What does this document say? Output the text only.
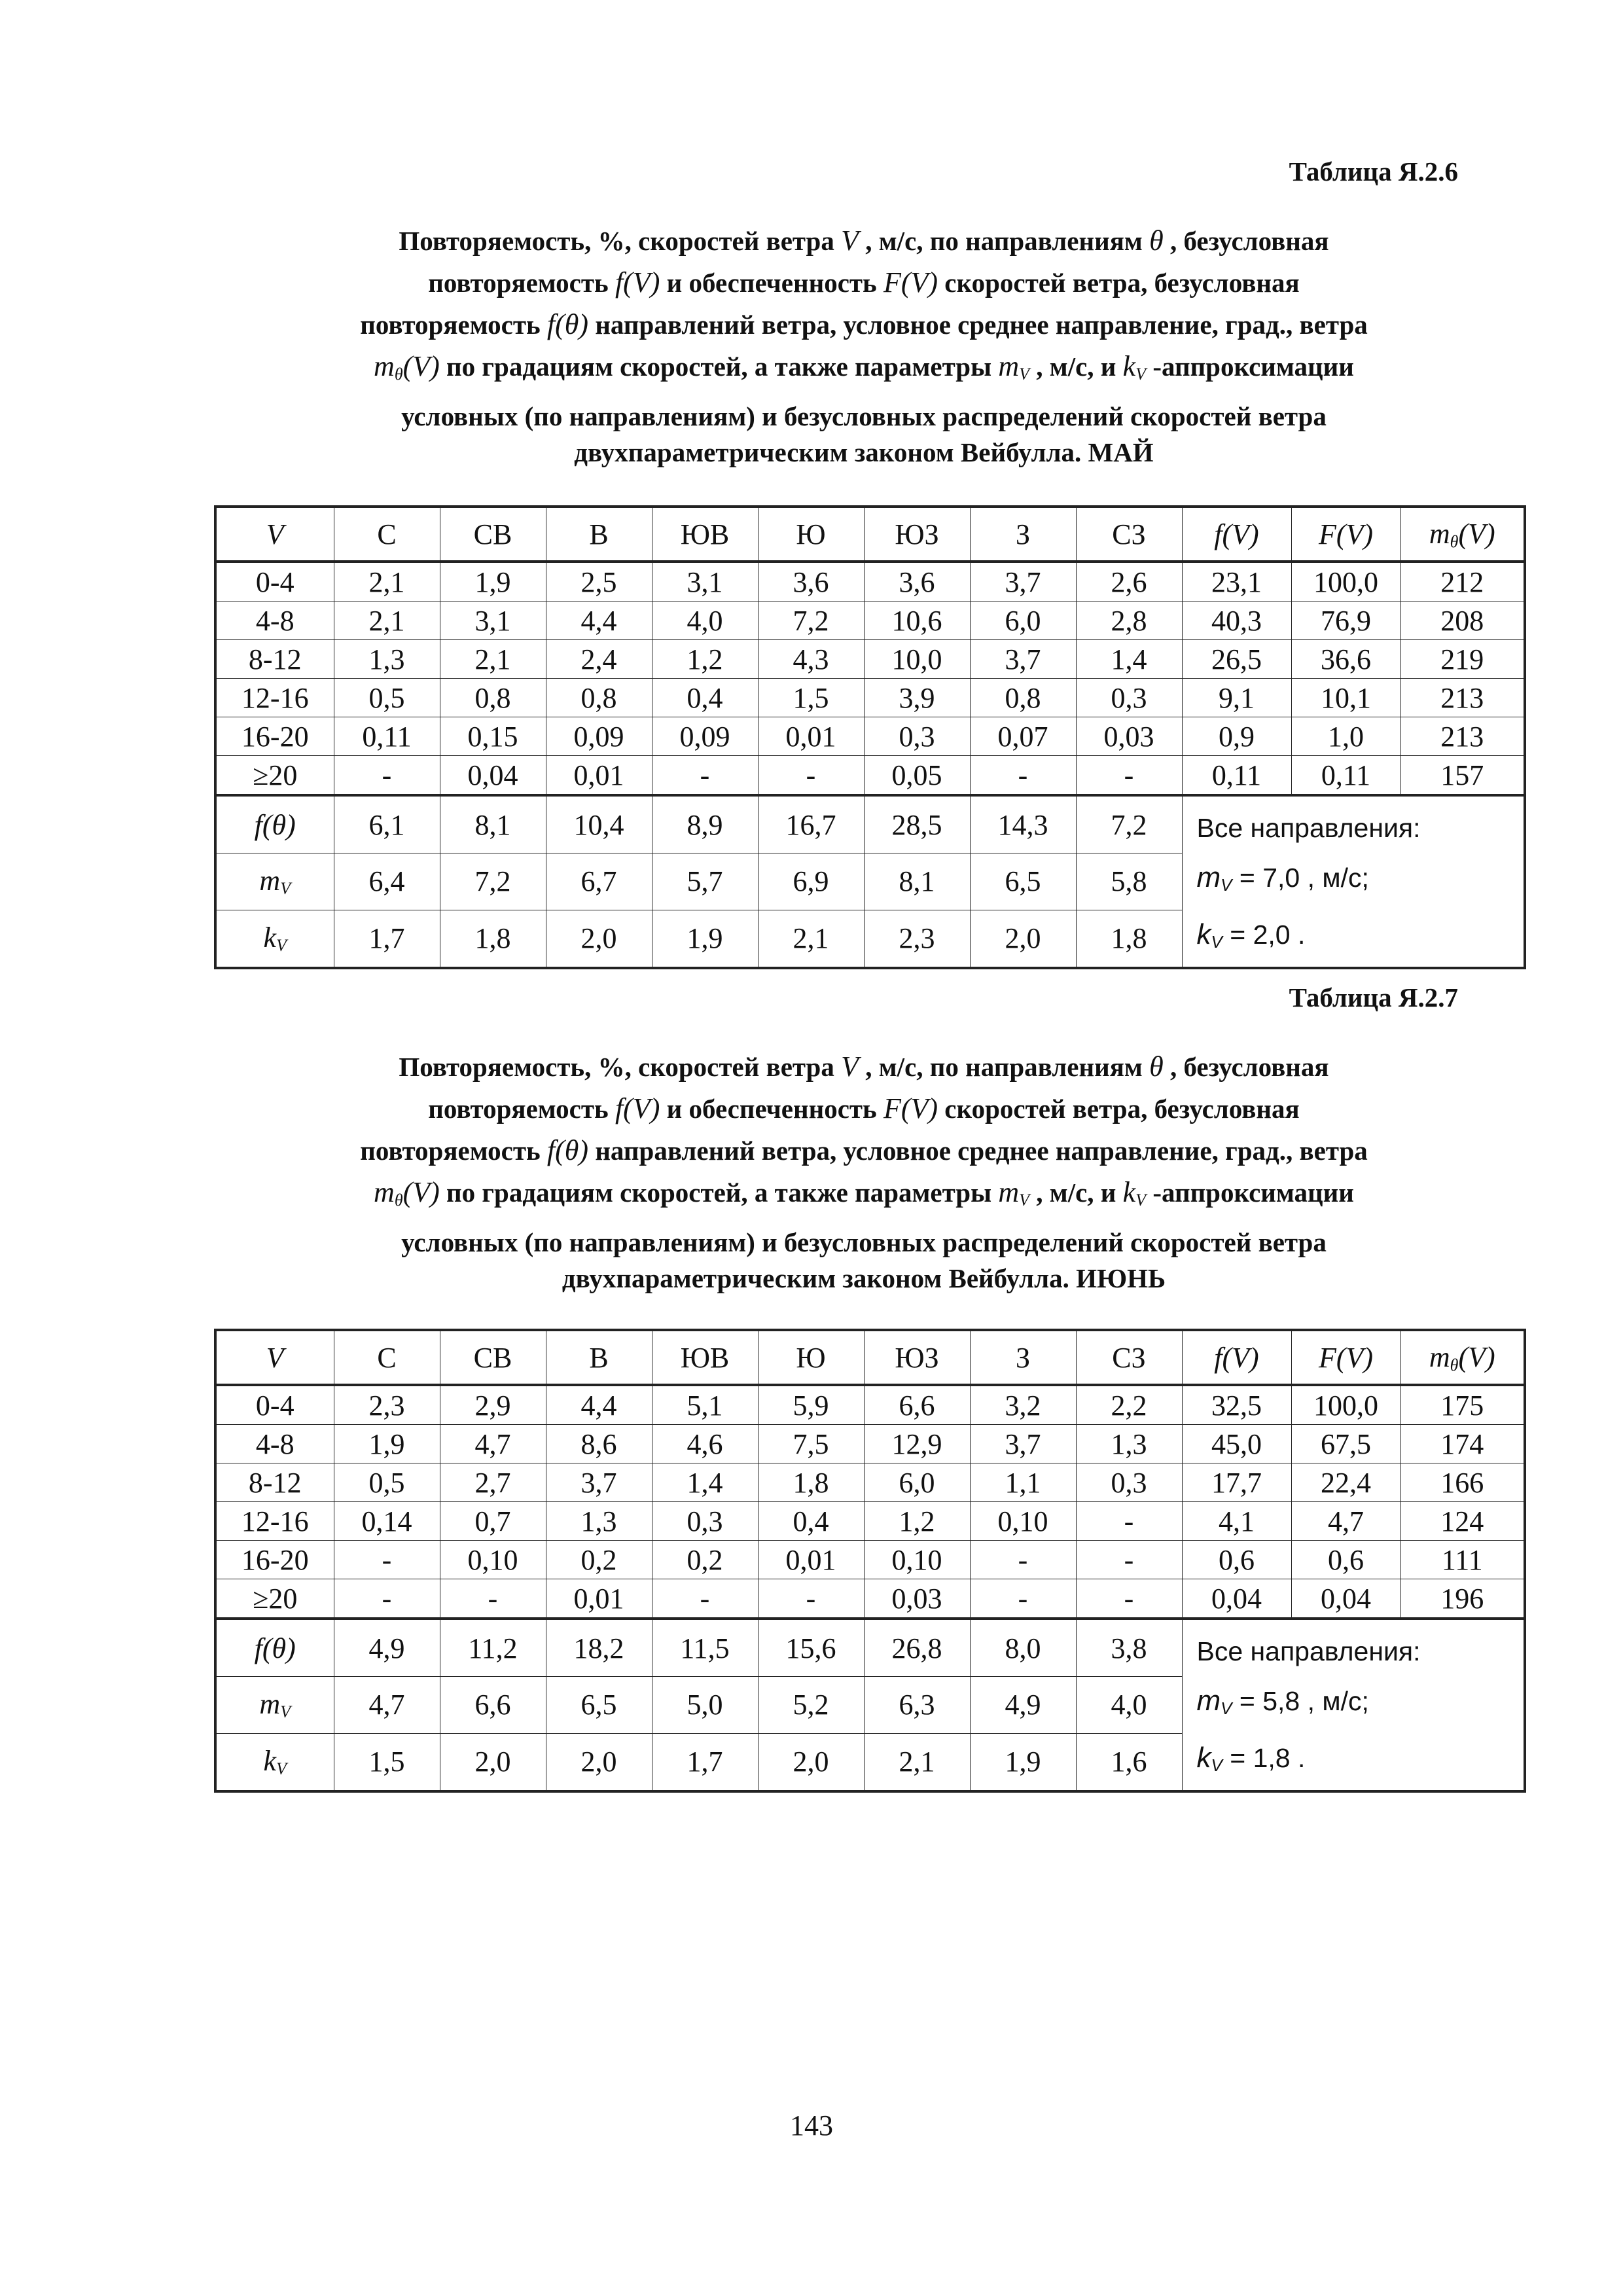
Таблица Я.2.6
Повторяемость, %, скоростей ветра V , м/с, по направлениям θ , безусловная
повторяемость f(V) и обеспеченность F(V) скоростей ветра, безусловная
повторяемость f(θ) направлений ветра, условное среднее направление, град., ветра
mθ(V) по градациям скоростей, а также параметры mV , м/с, и kV -аппроксимации
условных (по направлениям) и безусловных распределений скоростей ветра
двухпараметрическим законом Вейбулла. МАЙ
V	С	СВ	В	ЮВ	Ю	ЮЗ	З	СЗ	f(V)	F(V)	mθ(V)
0-4	2,1	1,9	2,5	3,1	3,6	3,6	3,7	2,6	23,1	100,0	212
4-8	2,1	3,1	4,4	4,0	7,2	10,6	6,0	2,8	40,3	76,9	208
8-12	1,3	2,1	2,4	1,2	4,3	10,0	3,7	1,4	26,5	36,6	219
12-16	0,5	0,8	0,8	0,4	1,5	3,9	0,8	0,3	9,1	10,1	213
16-20	0,11	0,15	0,09	0,09	0,01	0,3	0,07	0,03	0,9	1,0	213
≥20	-	0,04	0,01	-	-	0,05	-	-	0,11	0,11	157
f(θ)	6,1	8,1	10,4	8,9	16,7	28,5	14,3	7,2	Все направления:
mV = 7,0 , м/с;
kV = 2,0 .		

mV	6,4	7,2	6,7	5,7	6,9	8,1	6,5	5,8			
kV	1,7	1,8	2,0	1,9	2,1	2,3	2,0	1,8			
Таблица Я.2.7
Повторяемость, %, скоростей ветра V , м/с, по направлениям θ , безусловная
повторяемость f(V) и обеспеченность F(V) скоростей ветра, безусловная
повторяемость f(θ) направлений ветра, условное среднее направление, град., ветра
mθ(V) по градациям скоростей, а также параметры mV , м/с, и kV -аппроксимации
условных (по направлениям) и безусловных распределений скоростей ветра
двухпараметрическим законом Вейбулла. ИЮНЬ
V	С	СВ	В	ЮВ	Ю	ЮЗ	З	СЗ	f(V)	F(V)	mθ(V)
0-4	2,3	2,9	4,4	5,1	5,9	6,6	3,2	2,2	32,5	100,0	175
4-8	1,9	4,7	8,6	4,6	7,5	12,9	3,7	1,3	45,0	67,5	174
8-12	0,5	2,7	3,7	1,4	1,8	6,0	1,1	0,3	17,7	22,4	166
12-16	0,14	0,7	1,3	0,3	0,4	1,2	0,10	-	4,1	4,7	124
16-20	-	0,10	0,2	0,2	0,01	0,10	-	-	0,6	0,6	111
≥20	-	-	0,01	-	-	0,03	-	-	0,04	0,04	196
f(θ)	4,9	11,2	18,2	11,5	15,6	26,8	8,0	3,8	Все направления:
mV = 5,8 , м/с;
kV = 1,8 .		

mV	4,7	6,6	6,5	5,0	5,2	6,3	4,9	4,0			
kV	1,5	2,0	2,0	1,7	2,0	2,1	1,9	1,6			
143
